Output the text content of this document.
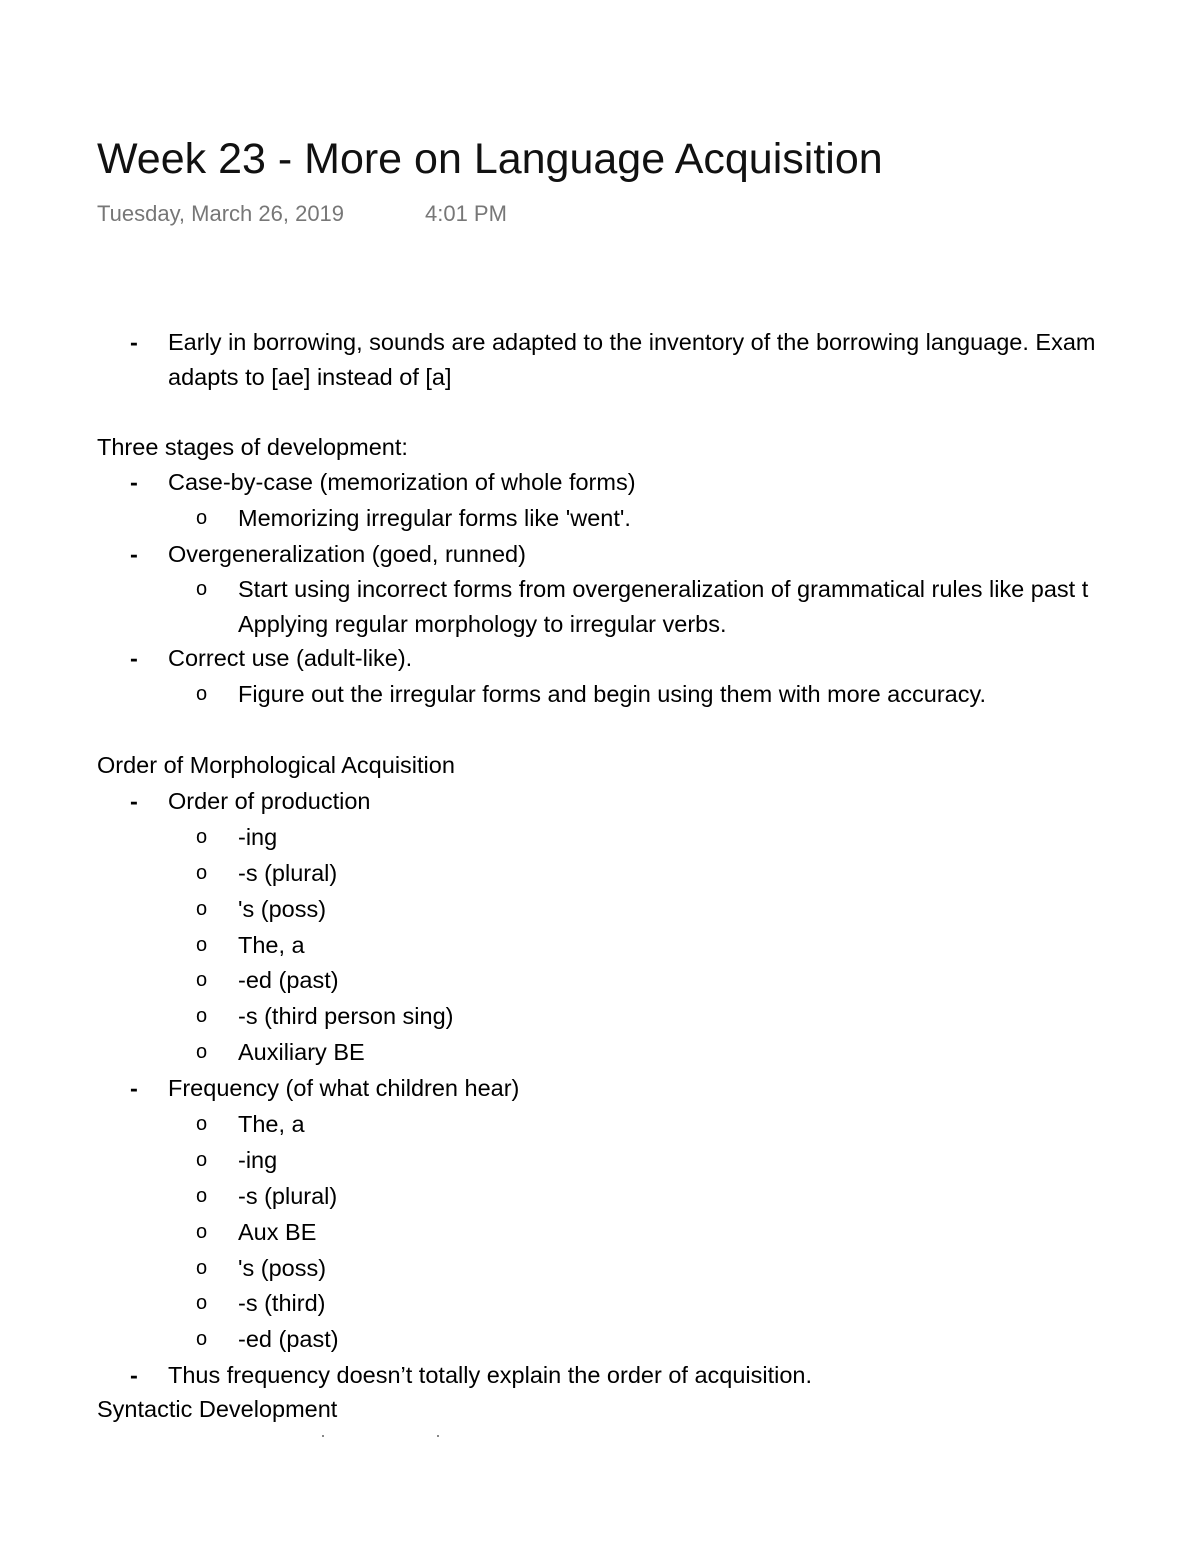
Week 23 - More on Language Acquisition
Tuesday, March 26, 2019	4:01 PM
- Early in borrowing, sounds are adapted to the inventory of the borrowing language. Exam
adapts to [ae] instead of [a]
Three stages of development:
- Case-by-case (memorization of whole forms)
o Memorizing irregular forms like 'went'.
- Overgeneralization (goed, runned)
o Start using incorrect forms from overgeneralization of grammatical rules like past t
Applying regular morphology to irregular verbs.
- Correct use (adult-like).
o Figure out the irregular forms and begin using them with more accuracy.
Order of Morphological Acquisition
- Order of production
o -ing
o -s (plural)
o 's (poss)
o The, a
o -ed (past)
o -s (third person sing)
o Auxiliary BE
- Frequency (of what children hear)
o The, a
o -ing
o -s (plural)
o Aux BE
o 's (poss)
o -s (third)
o -ed (past)
- Thus frequency doesn’t totally explain the order of acquisition.
Syntactic Development
